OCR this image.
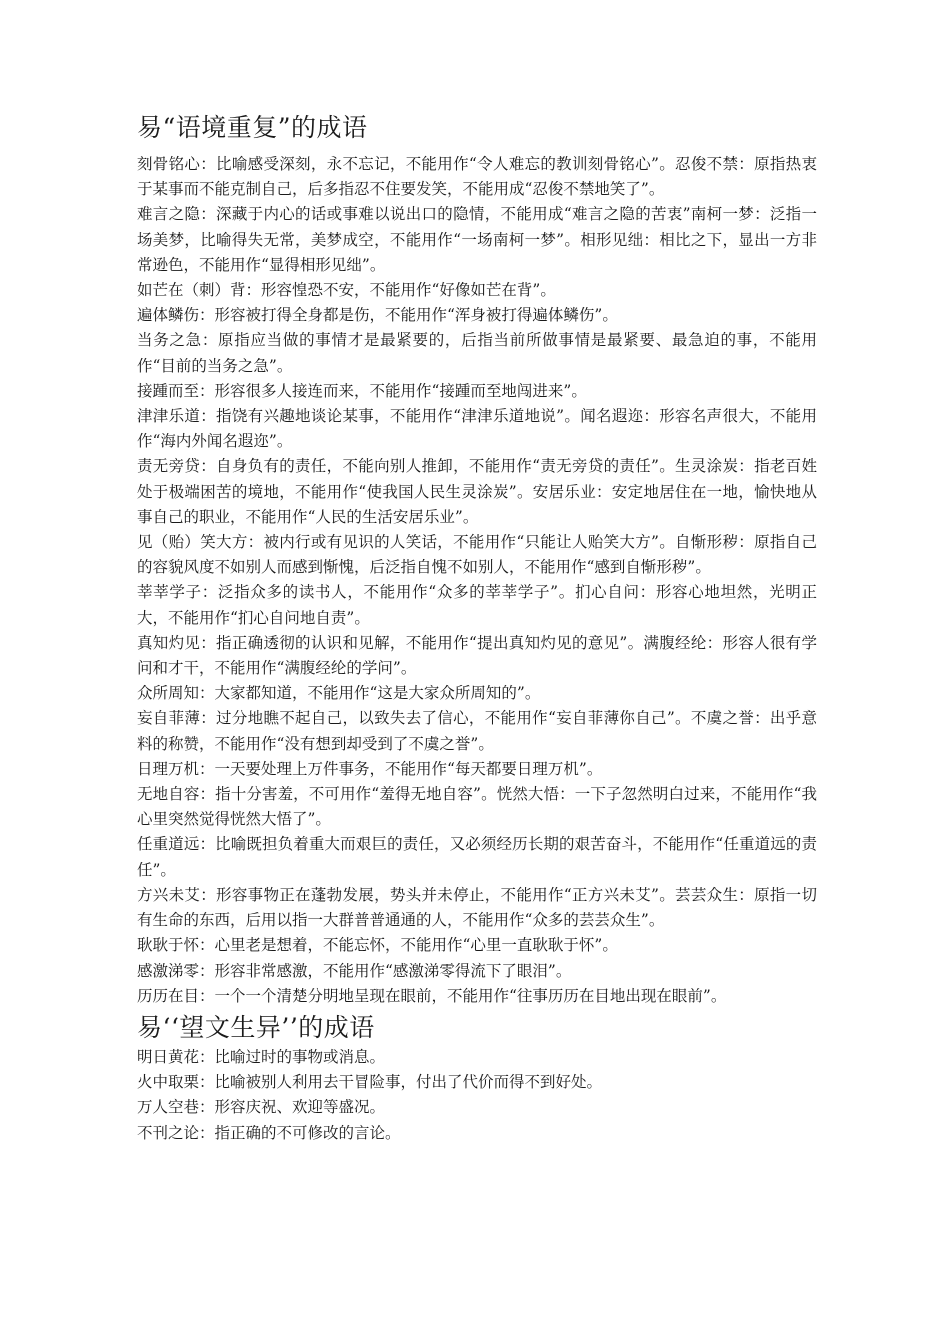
易“语境重复”的成语

刻骨铭心：比喻感受深刻，永不忘记，不能用作“令人难忘的教训刻骨铭心”。忍俊不禁：原指热衷于某事而不能克制自己，后多指忍不住要发笑，不能用成“忍俊不禁地笑了”。

难言之隐：深藏于内心的话或事难以说出口的隐情，不能用成“难言之隐的苦衷”南柯一梦：泛指一场美梦，比喻得失无常，美梦成空，不能用作“一场南柯一梦”。相形见绌：相比之下，显出一方非常逊色，不能用作“显得相形见绌”。

如芒在（刺）背：形容惶恐不安，不能用作“好像如芒在背”。

遍体鳞伤：形容被打得全身都是伤，不能用作“浑身被打得遍体鳞伤”。

当务之急：原指应当做的事情才是最紧要的，后指当前所做事情是最紧要、最急迫的事，不能用作“目前的当务之急”。

接踵而至：形容很多人接连而来，不能用作“接踵而至地闯进来”。

津津乐道：指饶有兴趣地谈论某事，不能用作“津津乐道地说”。闻名遐迩：形容名声很大，不能用作“海内外闻名遐迩”。

责无旁贷：自身负有的责任，不能向别人推卸，不能用作“责无旁贷的责任”。生灵涂炭：指老百姓处于极端困苦的境地，不能用作“使我国人民生灵涂炭”。安居乐业：安定地居住在一地，愉快地从事自己的职业，不能用作“人民的生活安居乐业”。

见（贻）笑大方：被内行或有见识的人笑话，不能用作“只能让人贻笑大方”。自惭形秽：原指自己的容貌风度不如别人而感到惭愧，后泛指自愧不如别人，不能用作“感到自惭形秽”。

莘莘学子：泛指众多的读书人，不能用作“众多的莘莘学子”。扪心自问：形容心地坦然，光明正大，不能用作“扪心自问地自责”。

真知灼见：指正确透彻的认识和见解，不能用作“提出真知灼见的意见”。满腹经纶：形容人很有学问和才干，不能用作“满腹经纶的学问”。

众所周知：大家都知道，不能用作“这是大家众所周知的”。

妄自菲薄：过分地瞧不起自己，以致失去了信心，不能用作“妄自菲薄你自己”。不虞之誉：出乎意料的称赞，不能用作“没有想到却受到了不虞之誉”。

日理万机：一天要处理上万件事务，不能用作“每天都要日理万机”。

无地自容：指十分害羞，不可用作“羞得无地自容”。恍然大悟：一下子忽然明白过来，不能用作“我心里突然觉得恍然大悟了”。

任重道远：比喻既担负着重大而艰巨的责任，又必须经历长期的艰苦奋斗，不能用作“任重道远的责任”。

方兴未艾：形容事物正在蓬勃发展，势头并未停止，不能用作“正方兴未艾”。芸芸众生：原指一切有生命的东西，后用以指一大群普普通通的人，不能用作“众多的芸芸众生”。

耿耿于怀：心里老是想着，不能忘怀，不能用作“心里一直耿耿于怀”。

感激涕零：形容非常感激，不能用作“感激涕零得流下了眼泪”。

历历在目：一个一个清楚分明地呈现在眼前，不能用作“往事历历在目地出现在眼前”。

易‘‘望文生异’’的成语

明日黄花：比喻过时的事物或消息。

火中取栗：比喻被别人利用去干冒险事，付出了代价而得不到好处。

万人空巷：形容庆祝、欢迎等盛况。

不刊之论：指正确的不可修改的言论。
